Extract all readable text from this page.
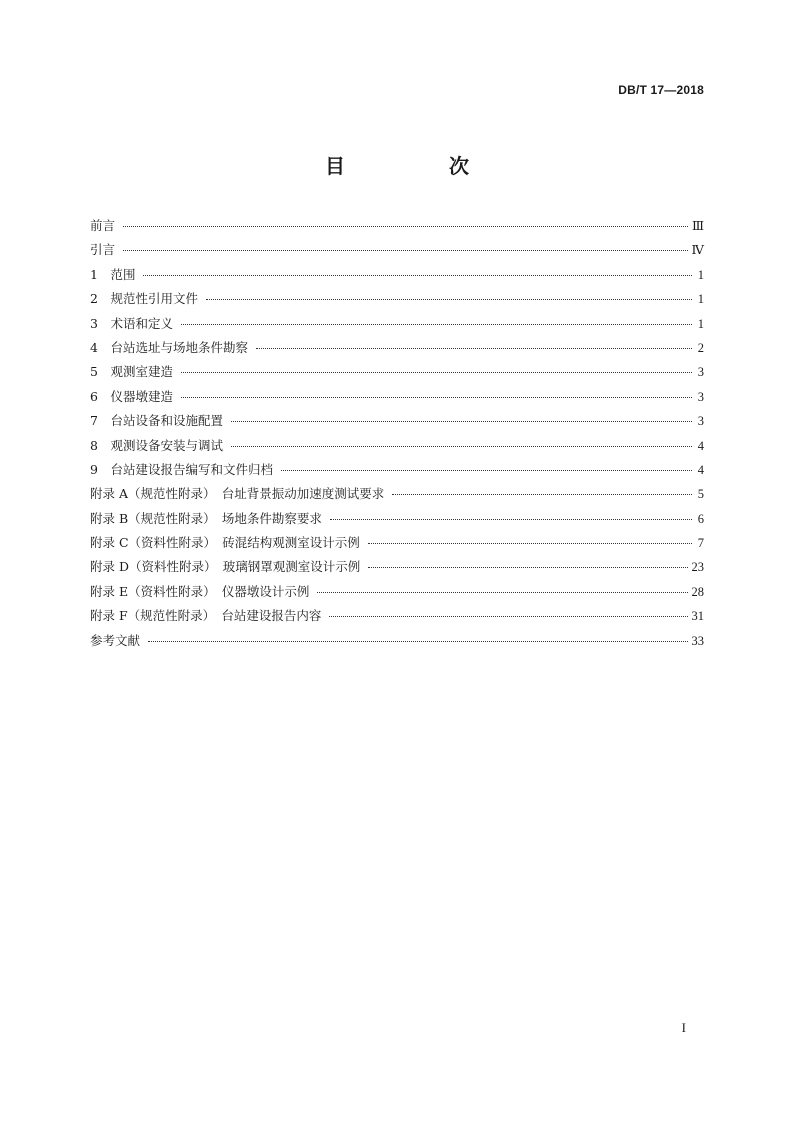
DB/T 17—2018
目　次
前言	Ⅲ
引言	Ⅳ
1　范围	1
2　规范性引用文件	1
3　术语和定义	1
4　台站选址与场地条件勘察	2
5　观测室建造	3
6　仪器墩建造	3
7　台站设备和设施配置	3
8　观测设备安装与调试	4
9　台站建设报告编写和文件归档	4
附录 A（规范性附录）　台址背景振动加速度测试要求	5
附录 B（规范性附录）　场地条件勘察要求	6
附录 C（资料性附录）　砖混结构观测室设计示例	7
附录 D（资料性附录）　玻璃钢罩观测室设计示例	23
附录 E（资料性附录）　仪器墩设计示例	28
附录 F（规范性附录）　台站建设报告内容	31
参考文献	33
I
